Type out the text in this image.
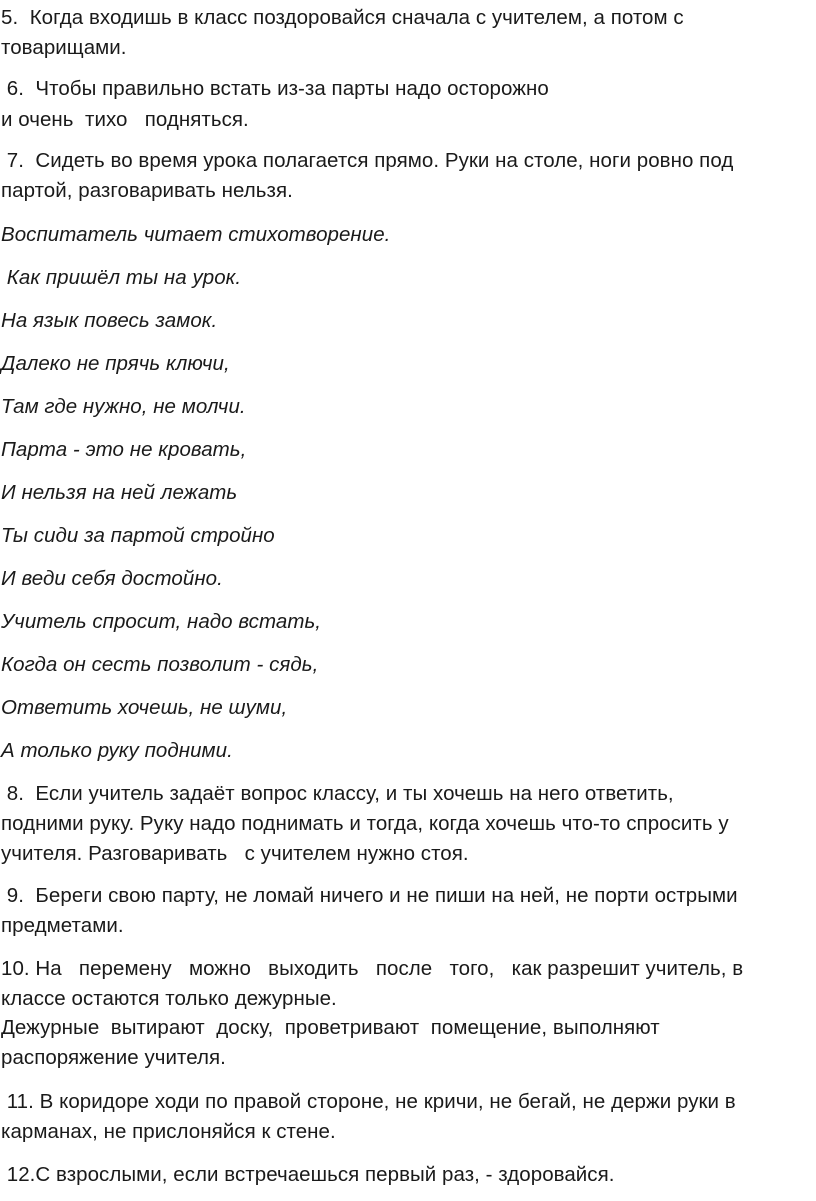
5.  Когда входишь в класс поздоровайся сначала с учителем, а потом с
товарищами.
6.  Чтобы правильно встать из-за парты надо осторожно
и очень  тихо   подняться.
7.  Сидеть во время урока полагается прямо. Руки на столе, ноги ровно под
партой, разговаривать нельзя.
Воспитатель читает стихотворение.
Как пришёл ты на урок.
На язык повесь замок.
Далеко не прячь ключи,
Там где нужно, не молчи.
Парта - это не кровать,
И нельзя на ней лежать
Ты сиди за партой стройно
И веди себя достойно.
Учитель спросит, надо встать,
Когда он сесть позволит - сядь,
Ответить хочешь, не шуми,
А только руку подними.
8.  Если учитель задаёт вопрос классу, и ты хочешь на него ответить,
подними руку. Руку надо поднимать и тогда, когда хочешь что-то спросить у
учителя. Разговаривать   с учителем нужно стоя.
9.  Береги свою парту, не ломай ничего и не пиши на ней, не порти острыми
предметами.
10. На   перемену   можно   выходить   после   того,   как разрешит учитель, в
классе остаются только дежурные.
Дежурные  вытирают  доску,  проветривают  помещение, выполняют
распоряжение учителя.
11. В коридоре ходи по правой стороне, не кричи, не бегай, не держи руки в
карманах, не прислоняйся к стене.
12.С взрослыми, если встречаешься первый раз, - здоровайся.
